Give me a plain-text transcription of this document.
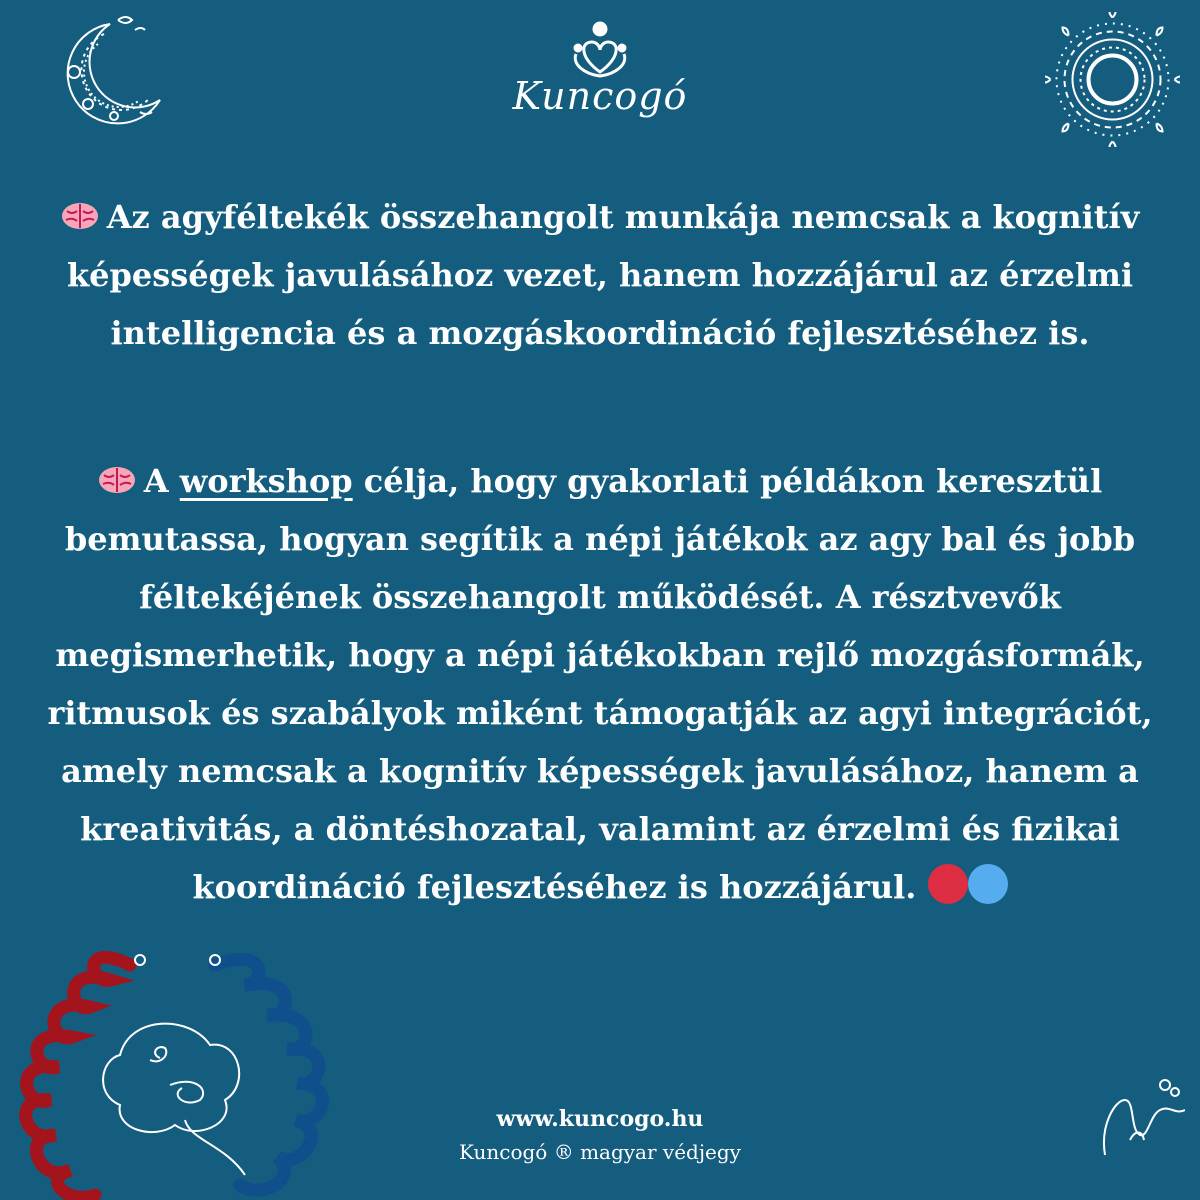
Kuncogó
Az agyféltekék összehangolt munkája nemcsak a kognitív képességek javulásához vezet, hanem hozzájárul az érzelmi intelligencia és a mozgáskoordináció fejlesztéséhez is.
A workshop célja, hogy gyakorlati példákon keresztül bemutassa, hogyan segítik a népi játékok az agy bal és jobb féltekéjének összehangolt működését. A résztvevők megismerhetik, hogy a népi játékokban rejlő mozgásformák, ritmusok és szabályok miként támogatják az agyi integrációt, amely nemcsak a kognitív képességek javulásához, hanem a kreativitás, a döntéshozatal, valamint az érzelmi és fizikai koordináció fejlesztéséhez is hozzájárul.
www.kuncogo.hu
Kuncogó ® magyar védjegy
